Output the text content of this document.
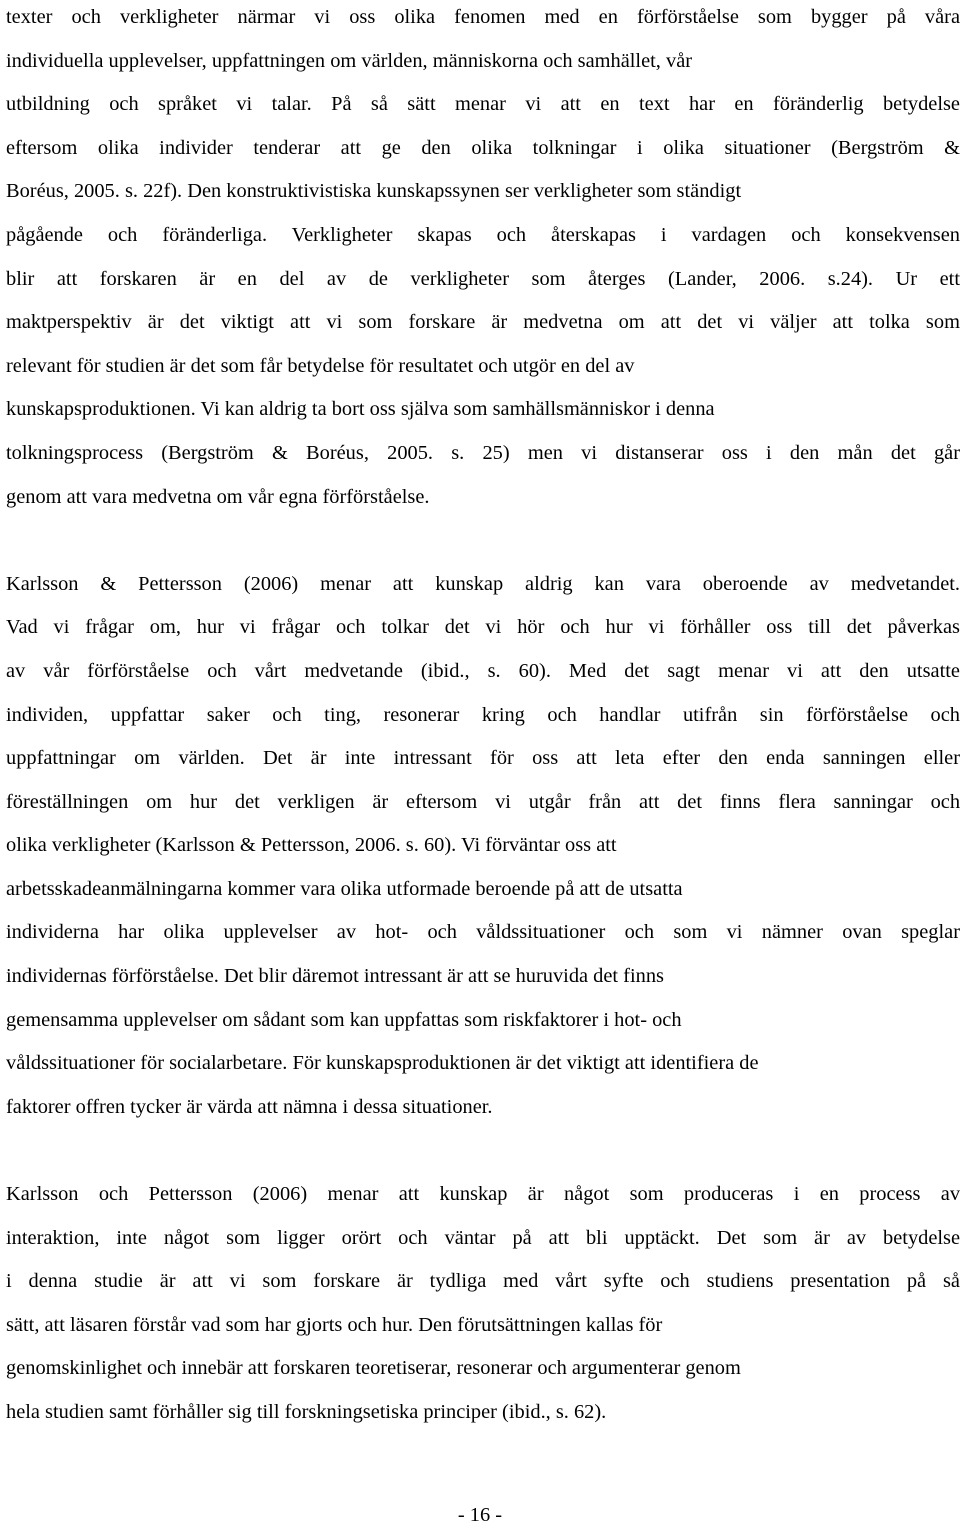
texter och verkligheter närmar vi oss olika fenomen med en förförståelse som bygger på våra
individuella upplevelser, uppfattningen om världen, människorna och samhället, vår
utbildning och språket vi talar. På så sätt menar vi att en text har en föränderlig betydelse
eftersom olika individer tenderar att ge den olika tolkningar i olika situationer (Bergström &
Boréus, 2005. s. 22f). Den konstruktivistiska kunskapssynen ser verkligheter som ständigt
pågående och föränderliga. Verkligheter skapas och återskapas i vardagen och konsekvensen
blir att forskaren är en del av de verkligheter som återges (Lander, 2006. s.24). Ur ett
maktperspektiv är det viktigt att vi som forskare är medvetna om att det vi väljer att tolka som
relevant för studien är det som får betydelse för resultatet och utgör en del av
kunskapsproduktionen. Vi kan aldrig ta bort oss själva som samhällsmänniskor i denna
tolkningsprocess (Bergström & Boréus, 2005. s. 25) men vi distanserar oss i den mån det går
genom att vara medvetna om vår egna förförståelse.

Karlsson & Pettersson (2006) menar att kunskap aldrig kan vara oberoende av medvetandet.
Vad vi frågar om, hur vi frågar och tolkar det vi hör och hur vi förhåller oss till det påverkas
av vår förförståelse och vårt medvetande (ibid., s. 60). Med det sagt menar vi att den utsatte
individen, uppfattar saker och ting, resonerar kring och handlar utifrån sin förförståelse och
uppfattningar om världen. Det är inte intressant för oss att leta efter den enda sanningen eller
föreställningen om hur det verkligen är eftersom vi utgår från att det finns flera sanningar och
olika verkligheter (Karlsson & Pettersson, 2006. s. 60). Vi förväntar oss att
arbetsskadeanmälningarna kommer vara olika utformade beroende på att de utsatta
individerna har olika upplevelser av hot- och våldssituationer och som vi nämner ovan speglar
individernas förförståelse. Det blir däremot intressant är att se huruvida det finns
gemensamma upplevelser om sådant som kan uppfattas som riskfaktorer i hot- och
våldssituationer för socialarbetare. För kunskapsproduktionen är det viktigt att identifiera de
faktorer offren tycker är värda att nämna i dessa situationer.

Karlsson och Pettersson (2006) menar att kunskap är något som produceras i en process av
interaktion, inte något som ligger orört och väntar på att bli upptäckt. Det som är av betydelse
i denna studie är att vi som forskare är tydliga med vårt syfte och studiens presentation på så
sätt, att läsaren förstår vad som har gjorts och hur. Den förutsättningen kallas för
genomskinlighet och innebär att forskaren teoretiserar, resonerar och argumenterar genom
hela studien samt förhåller sig till forskningsetiska principer (ibid., s. 62).

- 16 -
